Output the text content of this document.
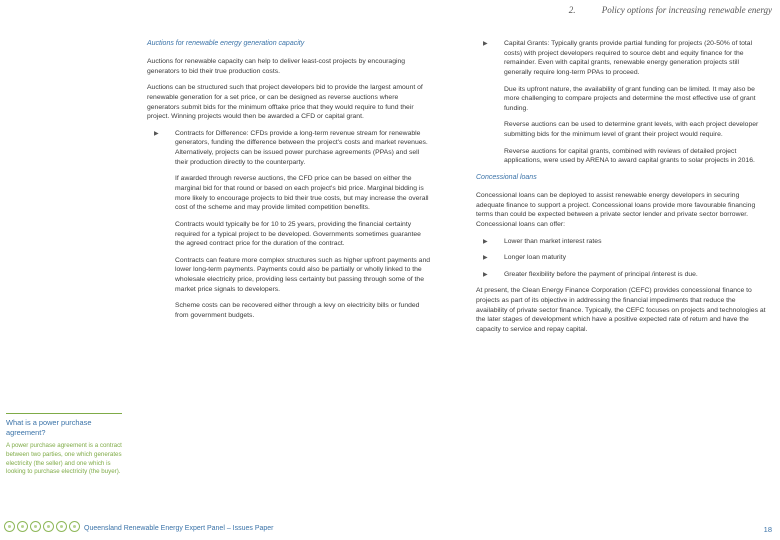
2.	Policy options for increasing renewable energy
Auctions for renewable energy generation capacity

Auctions for renewable capacity can help to deliver least-cost projects by encouraging generators to bid their true production costs.

Auctions can be structured such that project developers bid to provide the largest amount of renewable generation for a set price, or can be designed as reverse auctions where generators submit bids for the minimum offtake price that they would require to fund their project. Winning projects would then be awarded a CFD or capital grant.

▶ Contracts for Difference: CFDs provide a long-term revenue stream for renewable generators, funding the difference between the project's costs and market revenues. Alternatively, projects can be issued power purchase agreements (PPAs) and sell their production directly to the counterparty.

If awarded through reverse auctions, the CFD price can be based on either the marginal bid for that round or based on each project's bid price. Marginal bidding is more likely to encourage projects to bid their true costs, but may increase the overall cost of the scheme and may provide limited competition benefits.

Contracts would typically be for 10 to 25 years, providing the financial certainty required for a typical project to be developed. Governments sometimes guarantee the agreed contract price for the duration of the contract.

Contracts can feature more complex structures such as higher upfront payments and lower long-term payments. Payments could also be partially or wholly linked to the wholesale electricity price, providing less certainty but passing through some of the market price signals to developers.

Scheme costs can be recovered either through a levy on electricity bills or funded from government budgets.

▶ Capital Grants: Typically grants provide partial funding for projects (20-50% of total costs) with project developers required to source debt and equity finance for the remainder. Even with capital grants, renewable energy generation projects still generally require long-term PPAs to proceed.

Due its upfront nature, the availability of grant funding can be limited. It may also be more challenging to compare projects and determine the most effective use of grant funding.

Reverse auctions can be used to determine grant levels, with each project developer submitting bids for the minimum level of grant their project would require.

Reverse auctions for capital grants, combined with reviews of detailed project applications, were used by ARENA to award capital grants to solar projects in 2016.

Concessional loans

Concessional loans can be deployed to assist renewable energy developers in securing adequate finance to support a project. Concessional loans provide more favourable financing terms than could be expected between a private sector lender and private sector borrower. Concessional loans can offer:

▶ Lower than market interest rates
▶ Longer loan maturity
▶ Greater flexibility before the payment of principal /interest is due.

At present, the Clean Energy Finance Corporation (CEFC) provides concessional finance to projects as part of its objective in addressing the financial impediments that reduce the availability of private sector finance. Typically, the CEFC focuses on projects and technologies at the later stages of development which have a positive expected rate of return and have the capacity to service and repay capital.

What is a power purchase agreement?
A power purchase agreement is a contract between two parties, one which generates electricity (the seller) and one which is looking to purchase electricity (the buyer).
Queensland Renewable Energy Expert Panel – Issues Paper	18
